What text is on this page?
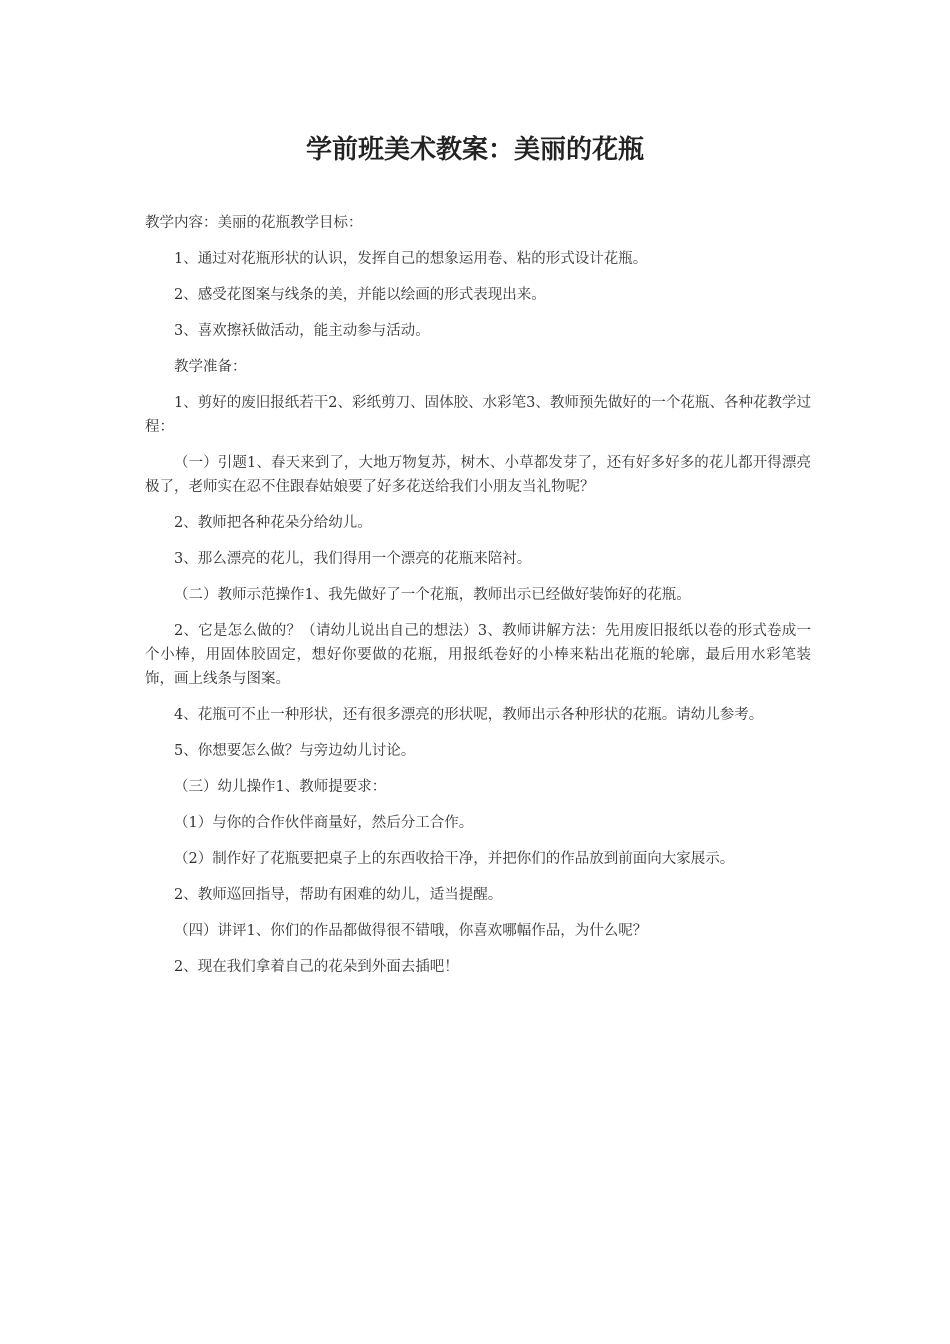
学前班美术教案：美丽的花瓶

教学内容：美丽的花瓶教学目标：

1、通过对花瓶形状的认识，发挥自己的想象运用卷、粘的形式设计花瓶。

2、感受花图案与线条的美，并能以绘画的形式表现出来。

3、喜欢擦袄做活动，能主动参与活动。

教学准备：

1、剪好的废旧报纸若干2、彩纸剪刀、固体胶、水彩笔3、教师预先做好的一个花瓶、各种花教学过程：

（一）引题1、春天来到了，大地万物复苏，树木、小草都发芽了，还有好多好多的花儿都开得漂亮极了，老师实在忍不住跟春姑娘要了好多花送给我们小朋友当礼物呢？

2、教师把各种花朵分给幼儿。

3、那么漂亮的花儿，我们得用一个漂亮的花瓶来陪衬。

（二）教师示范操作1、我先做好了一个花瓶，教师出示已经做好装饰好的花瓶。

2、它是怎么做的？（请幼儿说出自己的想法）3、教师讲解方法：先用废旧报纸以卷的形式卷成一个小棒，用固体胶固定，想好你要做的花瓶，用报纸卷好的小棒来粘出花瓶的轮廓，最后用水彩笔装饰，画上线条与图案。

4、花瓶可不止一种形状，还有很多漂亮的形状呢，教师出示各种形状的花瓶。请幼儿参考。

5、你想要怎么做？与旁边幼儿讨论。

（三）幼儿操作1、教师提要求：

（1）与你的合作伙伴商量好，然后分工合作。

（2）制作好了花瓶要把桌子上的东西收拾干净，并把你们的作品放到前面向大家展示。

2、教师巡回指导，帮助有困难的幼儿，适当提醒。

（四）讲评1、你们的作品都做得很不错哦，你喜欢哪幅作品，为什么呢？

2、现在我们拿着自己的花朵到外面去插吧！
